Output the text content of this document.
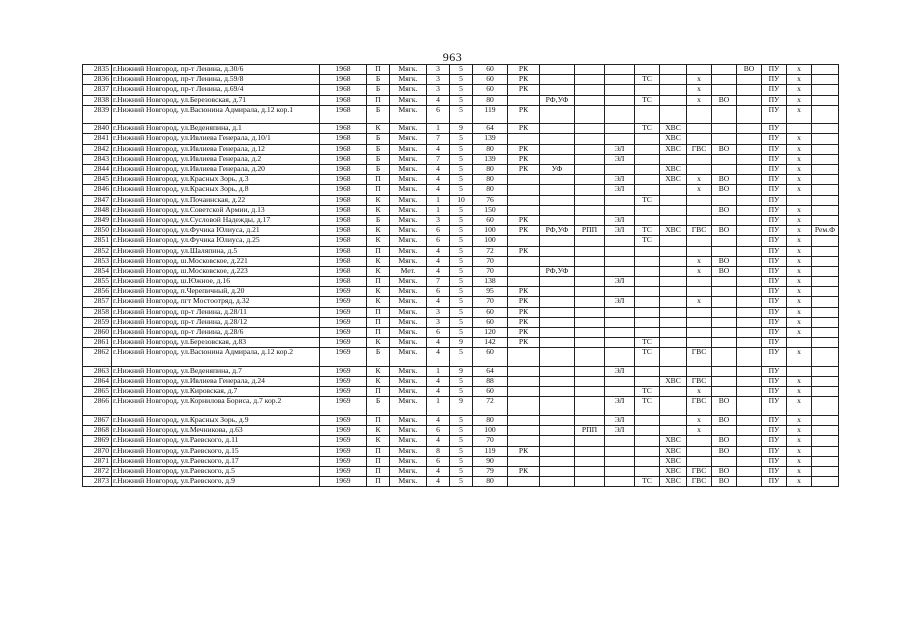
963
2835	г.Нижний Новгород, пр-т Ленина, д.30/6	1968	П	Мягк.	3	5	60	РК								ВО	ПУ	х	
2836	г.Нижний Новгород, пр-т Ленина, д.59/8	1968	Б	Мягк.	3	5	60	РК				ТС		х			ПУ	х	
2837	г.Нижний Новгород, пр-т Ленина, д.69/4	1968	Б	Мягк.	3	5	60	РК						х			ПУ	х	
2838	г.Нижний Новгород, ул.Березовская, д.71	1968	П	Мягк.	4	5	80		РФ,УФ			ТС		х	ВО		ПУ	х	
2839	г.Нижний Новгород, ул.Васюнина Адмирала, д.12 кор.1	1968	Б	Мягк.	6	5	119	РК									ПУ	х	
2840	г.Нижний Новгород, ул.Веденяпина, д.1	1968	К	Мягк.	1	9	64	РК				ТС	ХВС				ПУ		
2841	г.Нижний Новгород, ул.Ивлиева Генерала, д.10/1	1968	Б	Мягк.	7	5	139						ХВС				ПУ	х	
2842	г.Нижний Новгород, ул.Ивлиева Генерала, д.12	1968	Б	Мягк.	4	5	80	РК			ЭЛ		ХВС	ГВС	ВО		ПУ	х	
2843	г.Нижний Новгород, ул.Ивлиева Генерала, д.2	1968	Б	Мягк.	7	5	139	РК			ЭЛ						ПУ	х	
2844	г.Нижний Новгород, ул.Ивлиева Генерала, д.20	1968	Б	Мягк.	4	5	80	РК	УФ				ХВС				ПУ	х	
2845	г.Нижний Новгород, ул.Красных Зорь, д.3	1968	П	Мягк.	4	5	80				ЭЛ		ХВС	х	ВО		ПУ	х	
2846	г.Нижний Новгород, ул.Красных Зорь, д.8	1968	П	Мягк.	4	5	80				ЭЛ			х	ВО		ПУ	х	
2847	г.Нижний Новгород, ул.Почаинская, д.22	1968	К	Мягк.	1	10	76					ТС					ПУ		
2848	г.Нижний Новгород, ул.Советской Армии, д.13	1968	К	Мягк.	1	5	150								ВО		ПУ	х	
2849	г.Нижний Новгород, ул.Сусловой Надежды, д.17	1968	Б	Мягк.	3	5	60	РК			ЭЛ						ПУ	х	
2850	г.Нижний Новгород, ул.Фучика Юлиуса, д.21	1968	К	Мягк.	6	5	100	РК	РФ,УФ	РПП	ЭЛ	ТС	ХВС	ГВС	ВО		ПУ	х	Рем.Ф
2851	г.Нижний Новгород, ул.Фучика Юлиуса, д.25	1968	К	Мягк.	6	5	100					ТС					ПУ	х	
2852	г.Нижний Новгород, ул.Шаляпина, д.5	1968	П	Мягк.	4	5	72	РК									ПУ	х	
2853	г.Нижний Новгород, ш.Московское, д.221	1968	К	Мягк.	4	5	70							х	ВО		ПУ	х	
2854	г.Нижний Новгород, ш.Московское, д.223	1968	К	Мет.	4	5	70		РФ,УФ					х	ВО		ПУ	х	
2855	г.Нижний Новгород, ш.Южное, д.16	1968	П	Мягк.	7	5	138				ЭЛ						ПУ	х	
2856	г.Нижний Новгород, п.Черепичный, д.20	1969	К	Мягк.	6	5	95	РК									ПУ	х	
2857	г.Нижний Новгород, пгт Мостоотряд, д.32	1969	К	Мягк.	4	5	70	РК			ЭЛ			х			ПУ	х	
2858	г.Нижний Новгород, пр-т Ленина, д.28/11	1969	П	Мягк.	3	5	60	РК									ПУ	х	
2859	г.Нижний Новгород, пр-т Ленина, д.28/12	1969	П	Мягк.	3	5	60	РК									ПУ	х	
2860	г.Нижний Новгород, пр-т Ленина, д.28/6	1969	П	Мягк.	6	5	120	РК									ПУ	х	
2861	г.Нижний Новгород, ул.Березовская, д.83	1969	К	Мягк.	4	9	142	РК				ТС					ПУ		
2862	г.Нижний Новгород, ул.Васюнина Адмирала, д.12 кор.2	1969	Б	Мягк.	4	5	60					ТС		ГВС			ПУ	х	
2863	г.Нижний Новгород, ул.Веденяпина, д.7	1969	К	Мягк.	1	9	64				ЭЛ						ПУ		
2864	г.Нижний Новгород, ул.Ивлиева Генерала, д.24	1969	К	Мягк.	4	5	88						ХВС	ГВС			ПУ	х	
2865	г.Нижний Новгород, ул.Кировская, д.7	1969	П	Мягк.	4	5	60					ТС		х			ПУ	х	
2866	г.Нижний Новгород, ул.Корнилова Бориса, д.7 кор.2	1969	Б	Мягк.	1	9	72				ЭЛ	ТС		ГВС	ВО		ПУ	х	
2867	г.Нижний Новгород, ул.Красных Зорь, д.9	1969	П	Мягк.	4	5	80				ЭЛ			х	ВО		ПУ	х	
2868	г.Нижний Новгород, ул.Мечникова, д.63	1969	К	Мягк.	6	5	100			РПП	ЭЛ			х			ПУ	х	
2869	г.Нижний Новгород, ул.Раевского, д.11	1969	К	Мягк.	4	5	70						ХВС		ВО		ПУ	х	
2870	г.Нижний Новгород, ул.Раевского, д.15	1969	П	Мягк.	8	5	119	РК					ХВС		ВО		ПУ	х	
2871	г.Нижний Новгород, ул.Раевского, д.17	1969	П	Мягк.	6	5	90						ХВС				ПУ	х	
2872	г.Нижний Новгород, ул.Раевского, д.5	1969	П	Мягк.	4	5	79	РК					ХВС	ГВС	ВО		ПУ	х	
2873	г.Нижний Новгород, ул.Раевского, д.9	1969	П	Мягк.	4	5	80					ТС	ХВС	ГВС	ВО		ПУ	х	
